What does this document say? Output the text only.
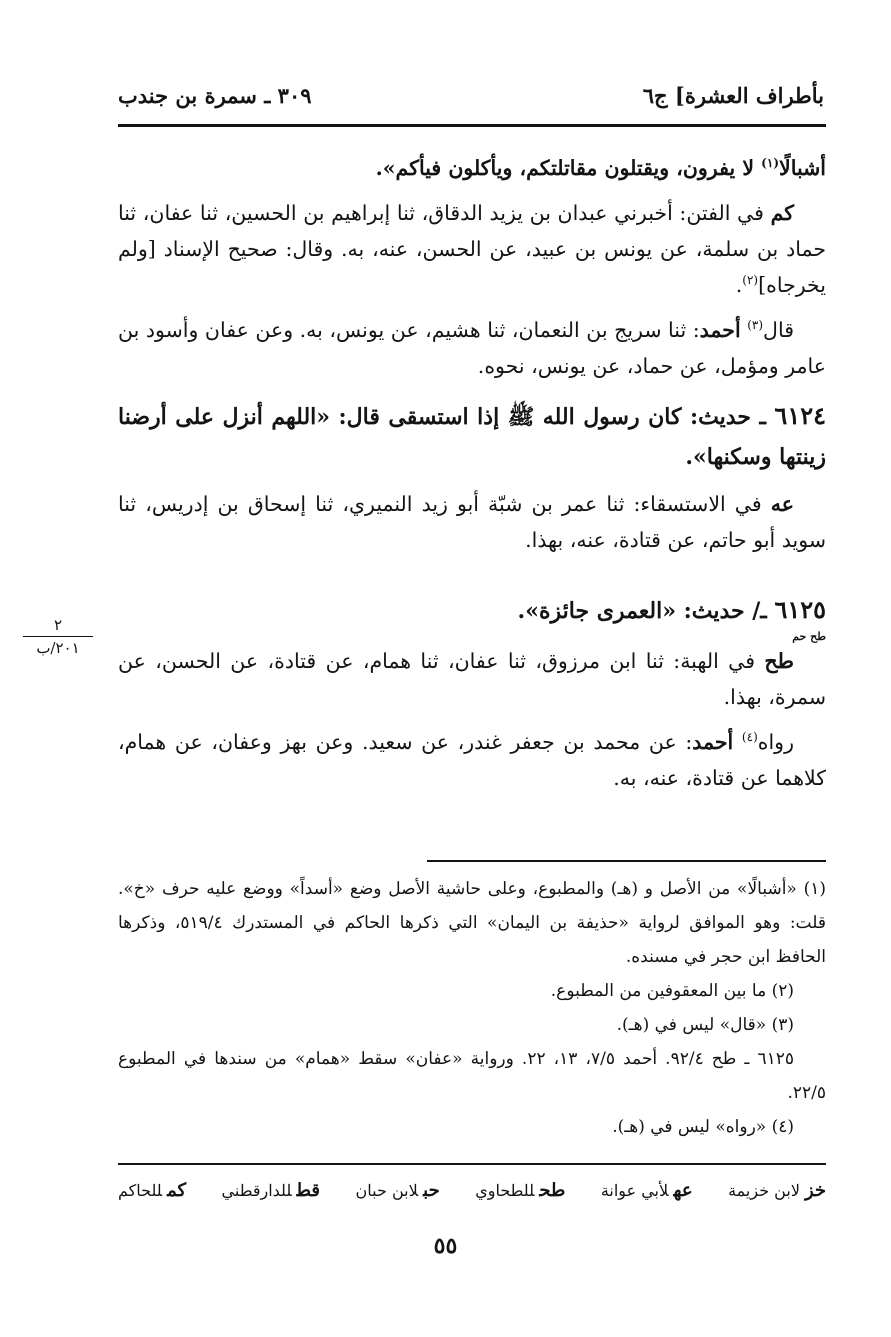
بأطراف العشرة] ج٦
٣٠٩ ـ سمرة بن جندب

أشبالًا$^{(١)}$ لا يفرون، ويقتلون مقاتلتكم، ويأكلون فيأكم».

كم في الفتن: أخبرني عبدان بن يزيد الدقاق، ثنا إبراهيم بن الحسين، ثنا عفان، ثنا حماد بن سلمة، عن يونس بن عبيد، عن الحسن، عنه، به. وقال: صحيح الإسناد [ولم يخرجاه]$^{(٢)}$.

قال$^{(٣)}$ أحمد: ثنا سريج بن النعمان، ثنا هشيم، عن يونس، به. وعن عفان وأسود بن عامر ومؤمل، عن حماد، عن يونس، نحوه.

٦١٢٤ ـ حديث: كان رسول الله ﷺ إذا استسقى قال: «اللهم أنزل على أرضنا زينتها وسكنها».

عه في الاستسقاء: ثنا عمر بن شبّة أبو زيد النميري، ثنا إسحاق بن إدريس، ثنا سويد أبو حاتم، عن قتادة، عنه، بهذا.

٦١٢٥ ـ/ حديث: «العمرى جائزة».
طح حم

طح في الهبة: ثنا ابن مرزوق، ثنا عفان، ثنا همام، عن قتادة، عن الحسن، عن سمرة، بهذا.

رواه$^{(٤)}$ أحمد: عن محمد بن جعفر غندر، عن سعيد. وعن بهز وعفان، عن همام، كلاهما عن قتادة، عنه، به.

٢
٢٠١/ب

(١) «أشبالًا» من الأصل و (هـ) والمطبوع، وعلى حاشية الأصل وضع «أسداً» ووضع عليه حرف «خ». قلت: وهو الموافق لرواية «حذيفة بن اليمان» التي ذكرها الحاكم في المستدرك ٥١٩/٤، وذكرها الحافظ ابن حجر في مسنده.

(٢) ما بين المعقوفين من المطبوع.

(٣) «قال» ليس في (هـ).

٦١٢٥ ـ طح ٩٢/٤. أحمد ٧/٥، ١٣، ٢٢. ورواية «عفان» سقط «همام» من سندها في المطبوع ٢٢/٥.

(٤) «رواه» ليس في (هـ).

خزلابن خزيمة
عهلأبي عوانة
طحللطحاوي
حبلابن حبان
قطللدارقطني
كمللحاكم
٥٥
